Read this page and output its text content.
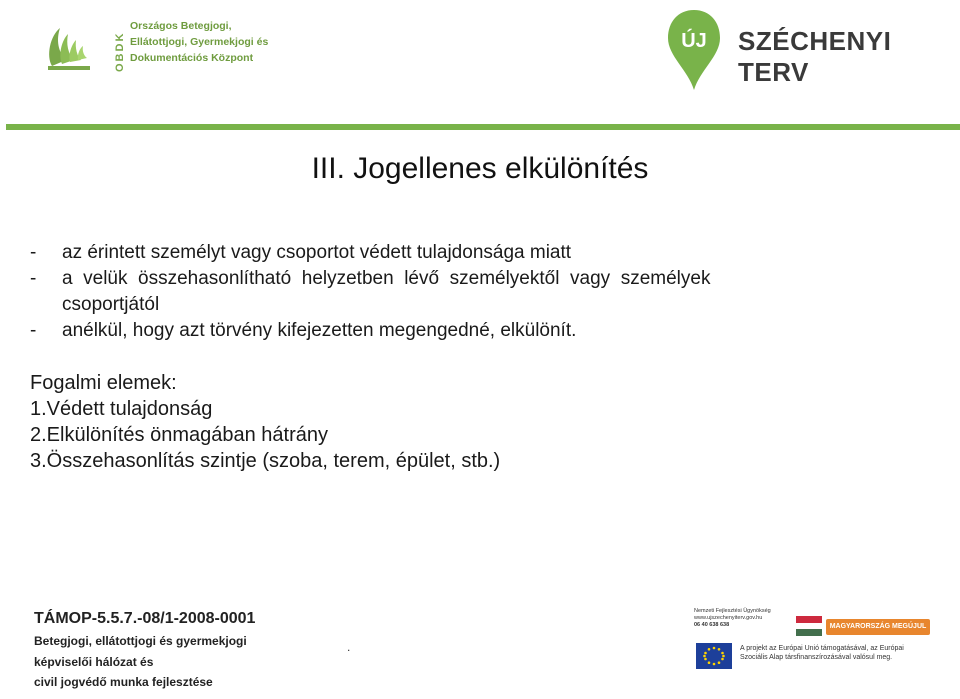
OBDK
Országos Betegjogi,
Ellátottjogi, Gyermekjogi és
Dokumentációs Központ
ÚJ	SZÉCHENYI TERV
III. Jogellenes elkülönítés
- az érintett személyt vagy csoportot védett tulajdonsága miatt
- a  velük  összehasonlítható  helyzetben  lévő  személyektől  vagy  személyek
csoportjától
- anélkül, hogy azt törvény kifejezetten megengedné, elkülönít.
Fogalmi elemek:
1.Védett tulajdonság
2.Elkülönítés önmagában hátrány
3.Összehasonlítás szintje (szoba, terem, épület, stb.)
TÁMOP-5.5.7.-08/1-2008-0001
Betegjogi, ellátottjogi és gyermekjogi
képviselői hálózat és
civil jogvédő munka fejlesztése
.
Nemzeti Fejlesztési Ügynökség
www.ujszechenyiterv.gov.hu
06 40 638 638	MAGYARORSZÁG MEGÚJUL
A projekt az Európai Unió támogatásával, az Európai
Szociális Alap társfinanszírozásával valósul meg.
